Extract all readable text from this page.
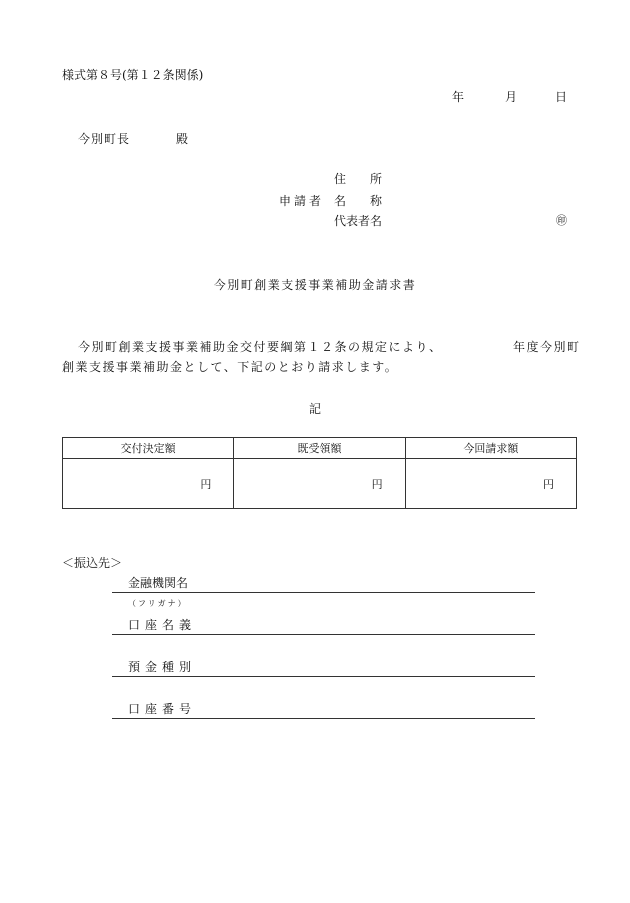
様式第８号(第１２条関係)
年	月	日
今別町長	殿
住　　所
申請者 名　　称
代表者名	㊞
今別町創業支援事業補助金請求書
今別町創業支援事業補助金交付要綱第１２条の規定により、	年度今別町
創業支援事業補助金として、下記のとおり請求します。
記
交付決定額	既受領額	今回請求額
円	円	円
＜振込先＞
金融機関名
（フリガナ）
口座名義
預金種別
口座番号
